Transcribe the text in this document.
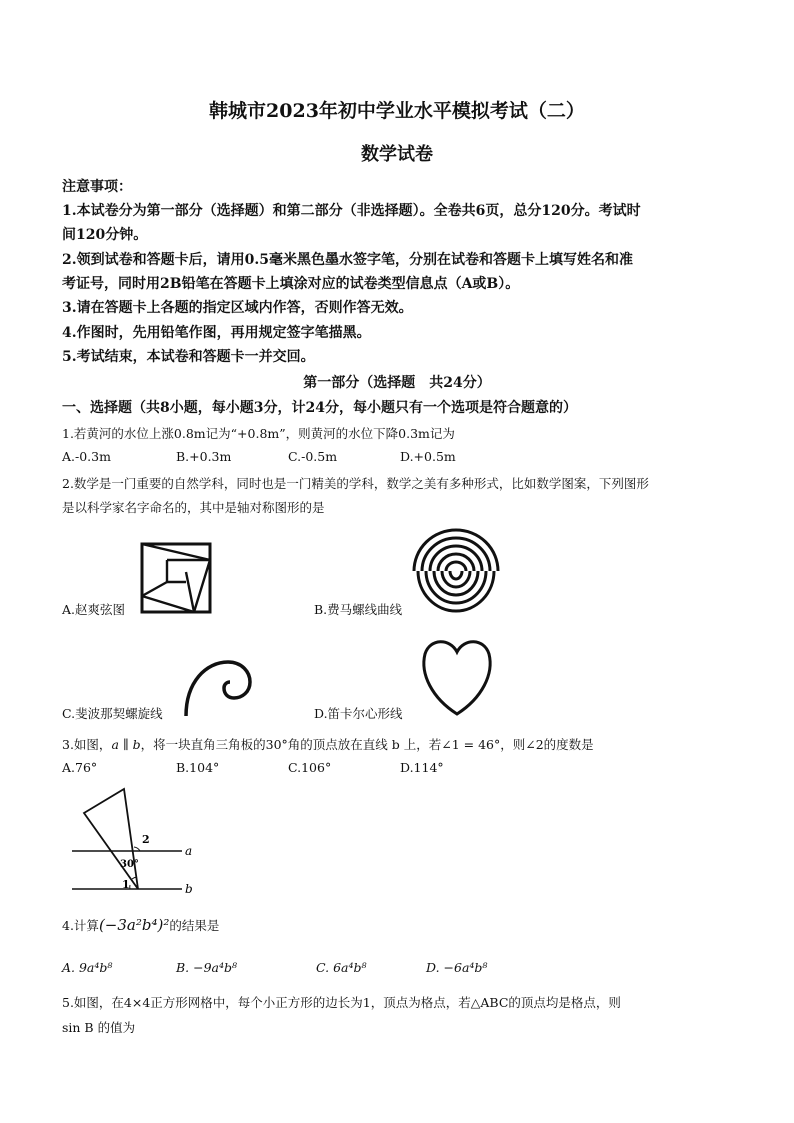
韩城市2023年初中学业水平模拟考试（二）
数学试卷
注意事项：
1.本试卷分为第一部分（选择题）和第二部分（非选择题）。全卷共6页，总分120分。考试时
间120分钟。
2.领到试卷和答题卡后，请用0.5毫米黑色墨水签字笔，分别在试卷和答题卡上填写姓名和准
考证号，同时用2B铅笔在答题卡上填涂对应的试卷类型信息点（A或B）。
3.请在答题卡上各题的指定区域内作答，否则作答无效。
4.作图时，先用铅笔作图，再用规定签字笔描黑。
5.考试结束，本试卷和答题卡一并交回。
第一部分（选择题　共24分）
一、选择题（共8小题，每小题3分，计24分，每小题只有一个选项是符合题意的）
1.若黄河的水位上涨0.8m记为“+0.8m”，则黄河的水位下降0.3m记为
A.-0.3m	B.+0.3m	C.-0.5m	D.+0.5m
2.数学是一门重要的自然学科，同时也是一门精美的学科，数学之美有多种形式，比如数学图案，下列图形
是以科学家名字命名的，其中是轴对称图形的是
A.赵爽弦图	B.费马螺线曲线
C.斐波那契螺旋线	D.笛卡尔心形线
3.如图，a ∥ b，将一块直角三角板的30°角的顶点放在直线 b 上，若∠1 = 46°，则∠2的度数是
A.76°	B.104°	C.106°	D.114°
2
30°
1
a
b
4.计算(−3a²b⁴)²的结果是
A. 9a⁴b⁸	B. −9a⁴b⁸	C. 6a⁴b⁸	D. −6a⁴b⁸
5.如图，在4×4正方形网格中，每个小正方形的边长为1，顶点为格点，若△ABC的顶点均是格点，则
sin B 的值为
